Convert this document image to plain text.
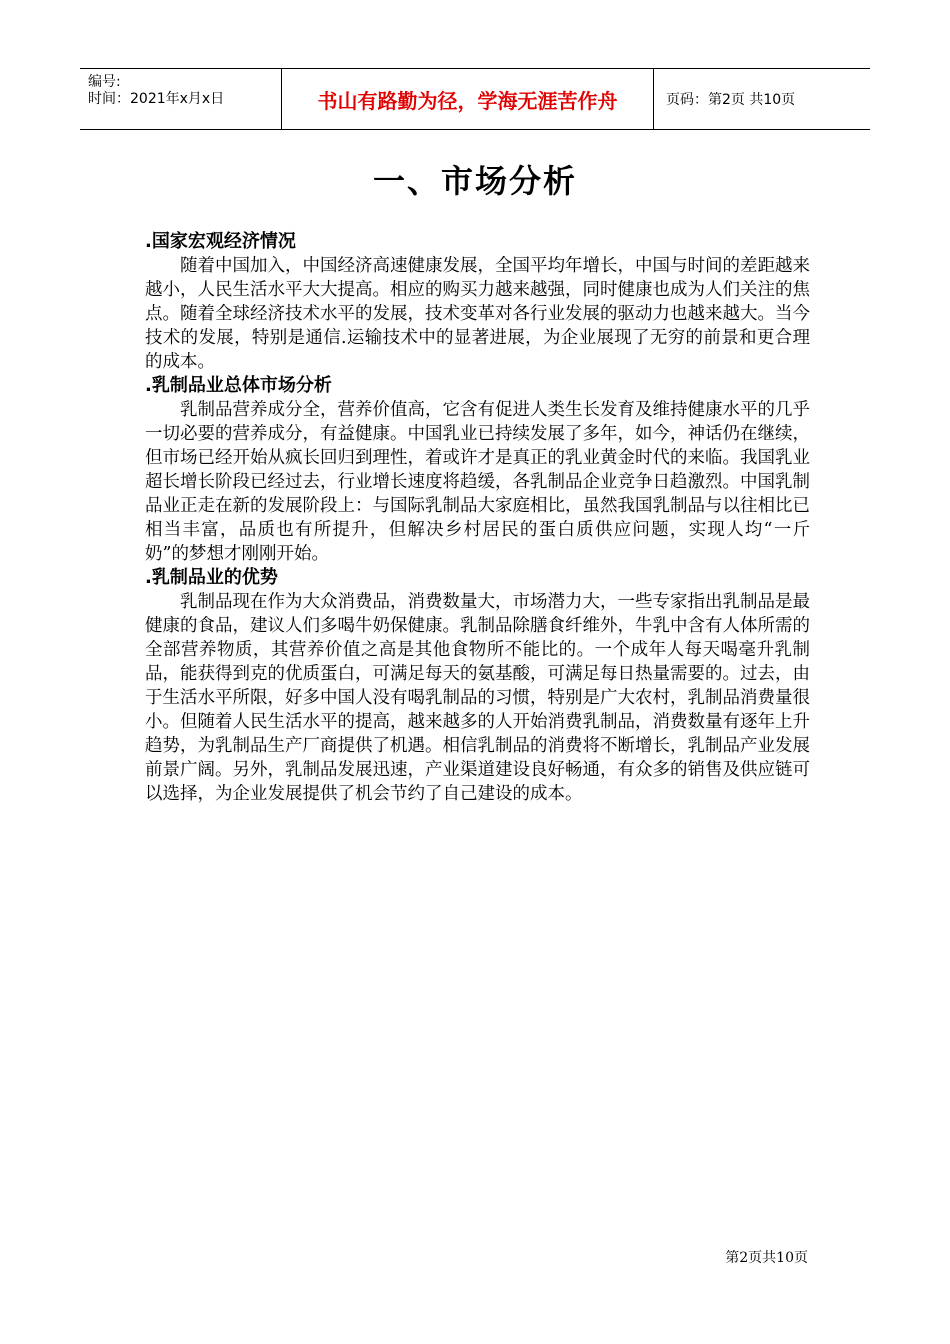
编号:
时间：2021年x月x日	书山有路勤为径，学海无涯苦作舟	页码：第2页 共10页
一、市场分析
.国家宏观经济情况

随着中国加入，中国经济高速健康发展，全国平均年增长，中国与时间的差距越来越小，人民生活水平大大提高。相应的购买力越来越强，同时健康也成为人们关注的焦点。随着全球经济技术水平的发展，技术变革对各行业发展的驱动力也越来越大。当今技术的发展，特别是通信.运输技术中的显著进展，为企业展现了无穷的前景和更合理的成本。

.乳制品业总体市场分析

乳制品营养成分全，营养价值高，它含有促进人类生长发育及维持健康水平的几乎一切必要的营养成分，有益健康。中国乳业已持续发展了多年，如今，神话仍在继续，但市场已经开始从疯长回归到理性，着或许才是真正的乳业黄金时代的来临。我国乳业超长增长阶段已经过去，行业增长速度将趋缓，各乳制品企业竞争日趋激烈。中国乳制品业正走在新的发展阶段上：与国际乳制品大家庭相比，虽然我国乳制品与以往相比已相当丰富，品质也有所提升，但解决乡村居民的蛋白质供应问题，实现人均“一斤奶”的梦想才刚刚开始。

.乳制品业的优势

乳制品现在作为大众消费品，消费数量大，市场潜力大，一些专家指出乳制品是最健康的食品，建议人们多喝牛奶保健康。乳制品除膳食纤维外，牛乳中含有人体所需的全部营养物质，其营养价值之高是其他食物所不能比的。一个成年人每天喝毫升乳制品，能获得到克的优质蛋白，可满足每天的氨基酸，可满足每日热量需要的。过去，由于生活水平所限，好多中国人没有喝乳制品的习惯，特别是广大农村，乳制品消费量很小。但随着人民生活水平的提高，越来越多的人开始消费乳制品，消费数量有逐年上升趋势，为乳制品生产厂商提供了机遇。相信乳制品的消费将不断增长，乳制品产业发展前景广阔。另外，乳制品发展迅速，产业渠道建设良好畅通，有众多的销售及供应链可以选择，为企业发展提供了机会节约了自己建设的成本。

第2页共10页
